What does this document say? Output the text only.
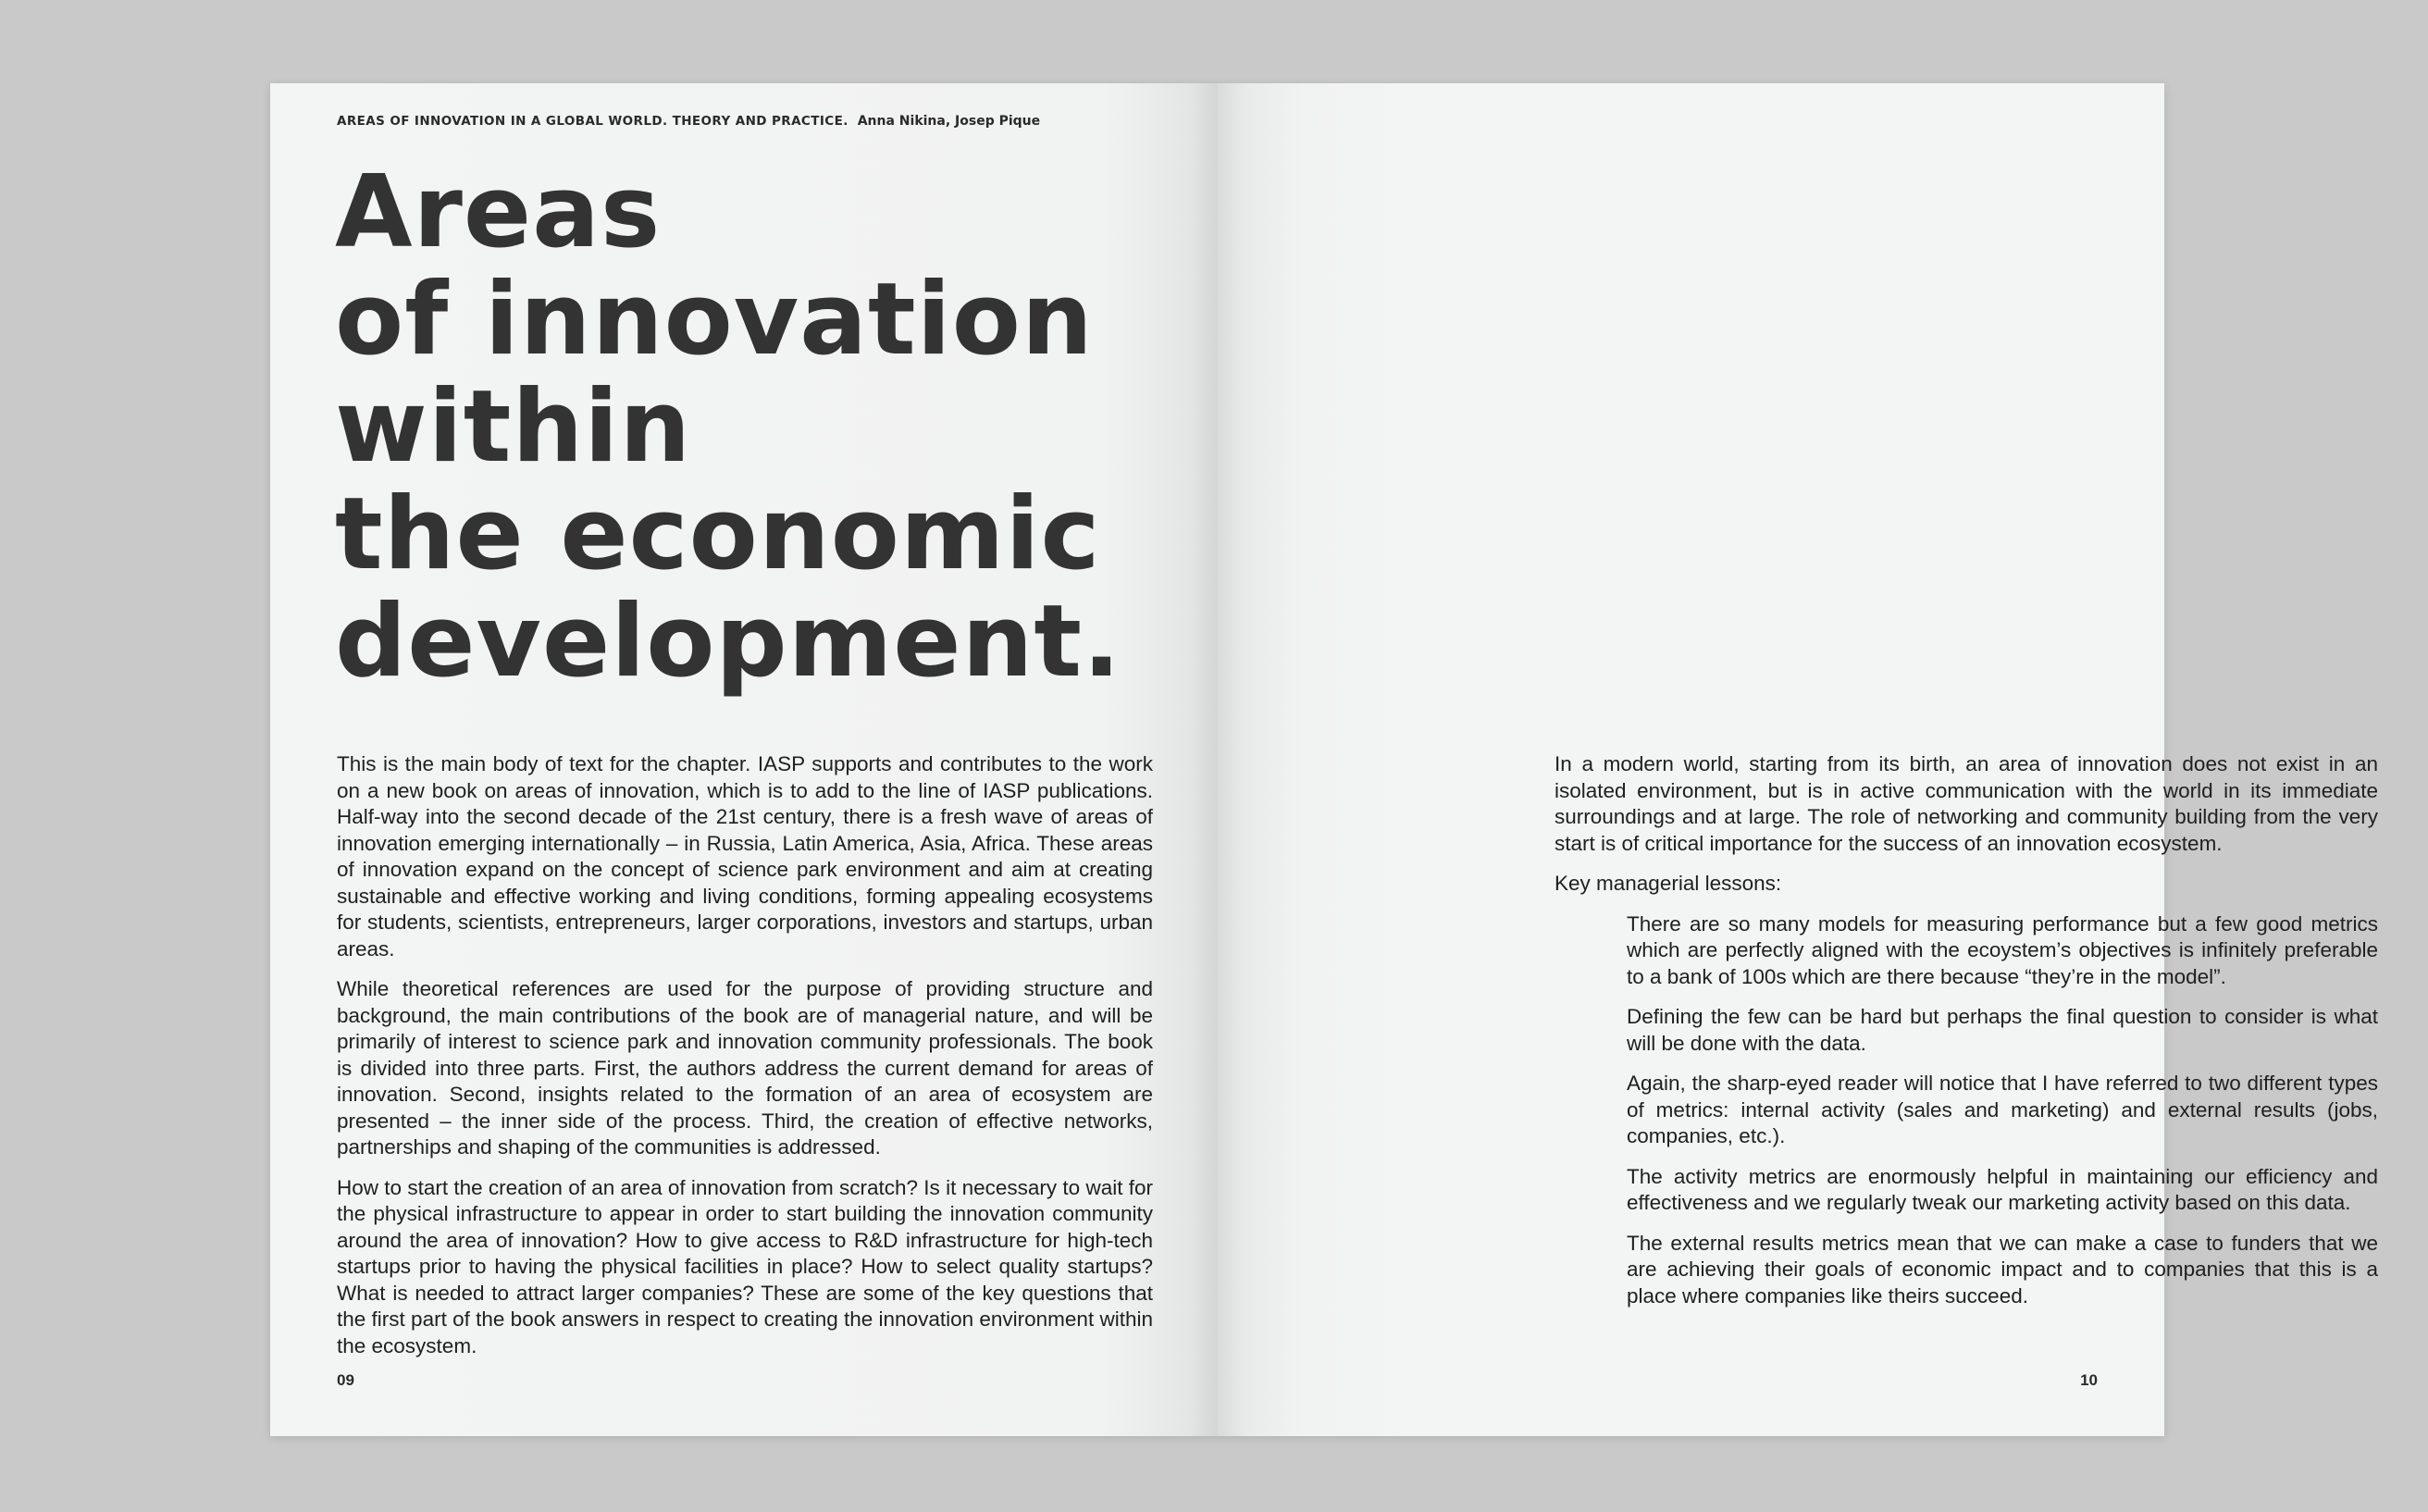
AREAS OF INNOVATION IN A GLOBAL WORLD. THEORY AND PRACTICE. Anna Nikina, Josep Pique
Areas
of innovation
within
the economic
development.

This is the main body of text for the chapter. IASP supports and contributes to the work on a new book on areas of innovation, which is to add to the line of IASP publications. Half-way into the second decade of the 21st century, there is a fresh wave of areas of innovation emerging internationally – in Russia, Latin America, Asia, Africa. These areas of innovation expand on the concept of science park environment and aim at creating sustainable and effective working and living conditions, forming appealing ecosystems for students, scientists, entrepreneurs, larger corporations, investors and startups, urban areas.

While theoretical references are used for the purpose of providing structure and background, the main contributions of the book are of managerial nature, and will be primarily of interest to science park and innovation community professionals. The book is divided into three parts. First, the authors address the current demand for areas of innovation. Second, insights related to the formation of an area of ecosystem are presented – the inner side of the process. Third, the creation of effective networks, partnerships and shaping of the communities is addressed.

How to start the creation of an area of innovation from scratch? Is it necessary to wait for the physical infrastructure to appear in order to start building the innovation community around the area of innovation? How to give access to R&D infrastructure for high-tech startups prior to having the physical facilities in place? How to select quality startups? What is needed to attract larger companies? These are some of the key questions that the first part of the book answers in respect to creating the innovation environment within the ecosystem.

09

In a modern world, starting from its birth, an area of innovation does not exist in an isolated environment, but is in active communication with the world in its immediate surroundings and at large. The role of networking and community building from the very start is of critical importance for the success of an innovation ecosystem.

Key managerial lessons:

There are so many models for measuring performance but a few good metrics which are perfectly aligned with the ecoystem’s objectives is infinitely preferable to a bank of 100s which are there because “they’re in the model”.

Defining the few can be hard but perhaps the final question to consider is what will be done with the data.

Again, the sharp-eyed reader will notice that I have referred to two different types of metrics: internal activity (sales and marketing) and external results (jobs, companies, etc.).

The activity metrics are enormously helpful in maintaining our efficiency and effectiveness and we regularly tweak our marketing activity based on this data.

The external results metrics mean that we can make a case to funders that we are achieving their goals of economic impact and to companies that this is a place where companies like theirs succeed.

10
